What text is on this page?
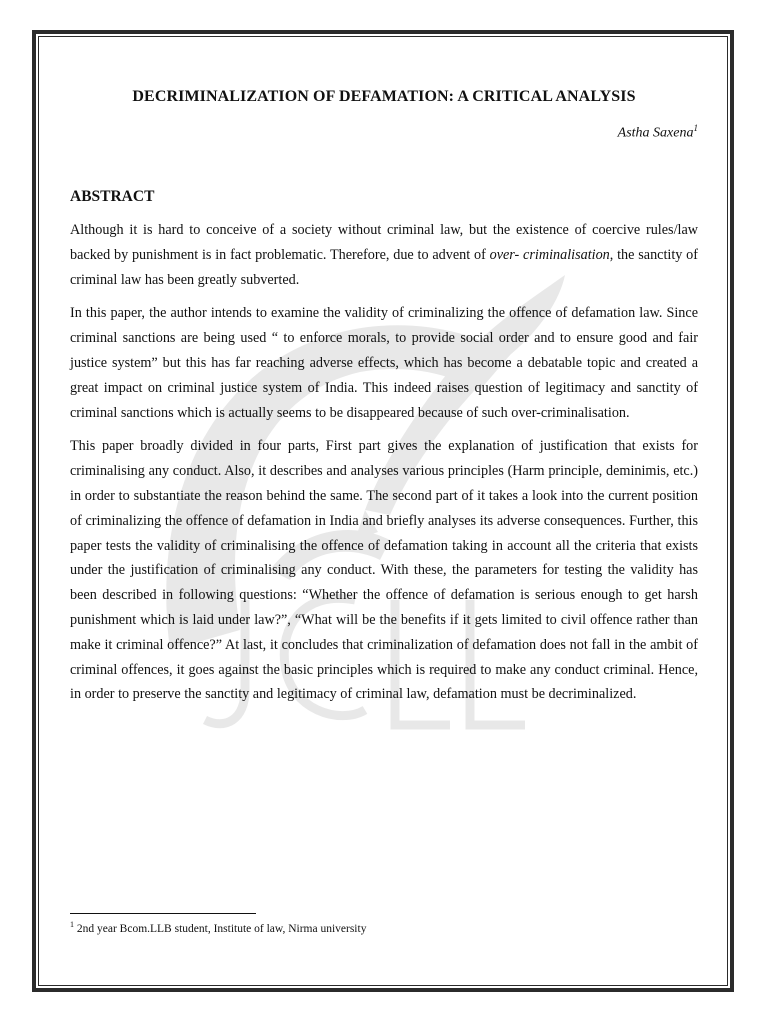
DECRIMINALIZATION OF DEFAMATION: A CRITICAL ANALYSIS
Astha Saxena$^1$
ABSTRACT

Although it is hard to conceive of a society without criminal law, but the existence of coercive rules/law backed by punishment is in fact problematic. Therefore, due to advent of over- criminalisation, the sanctity of criminal law has been greatly subverted.

In this paper, the author intends to examine the validity of criminalizing the offence of defamation law. Since criminal sanctions are being used “ to enforce morals, to provide social order and to ensure good and fair justice system” but this has far reaching adverse effects, which has become a debatable topic and created a great impact on criminal justice system of India. This indeed raises question of legitimacy and sanctity of criminal sanctions which is actually seems to be disappeared because of such over-criminalisation.

This paper broadly divided in four parts, First part gives the explanation of justification that exists for criminalising any conduct. Also, it describes and analyses various principles (Harm principle, deminimis, etc.) in order to substantiate the reason behind the same. The second part of it takes a look into the current position of criminalizing the offence of defamation in India and briefly analyses its adverse consequences. Further, this paper tests the validity of criminalising the offence of defamation taking in account all the criteria that exists under the justification of criminalising any conduct. With these, the parameters for testing the validity has been described in following questions: “Whether the offence of defamation is serious enough to get harsh punishment which is laid under law?”, “What will be the benefits if it gets limited to civil offence rather than make it criminal offence?” At last, it concludes that criminalization of defamation does not fall in the ambit of criminal offences, it goes against the basic principles which is required to make any conduct criminal. Hence, in order to preserve the sanctity and legitimacy of criminal law, defamation must be decriminalized.

$^1$ 2nd year Bcom.LLB student, Institute of law, Nirma university
